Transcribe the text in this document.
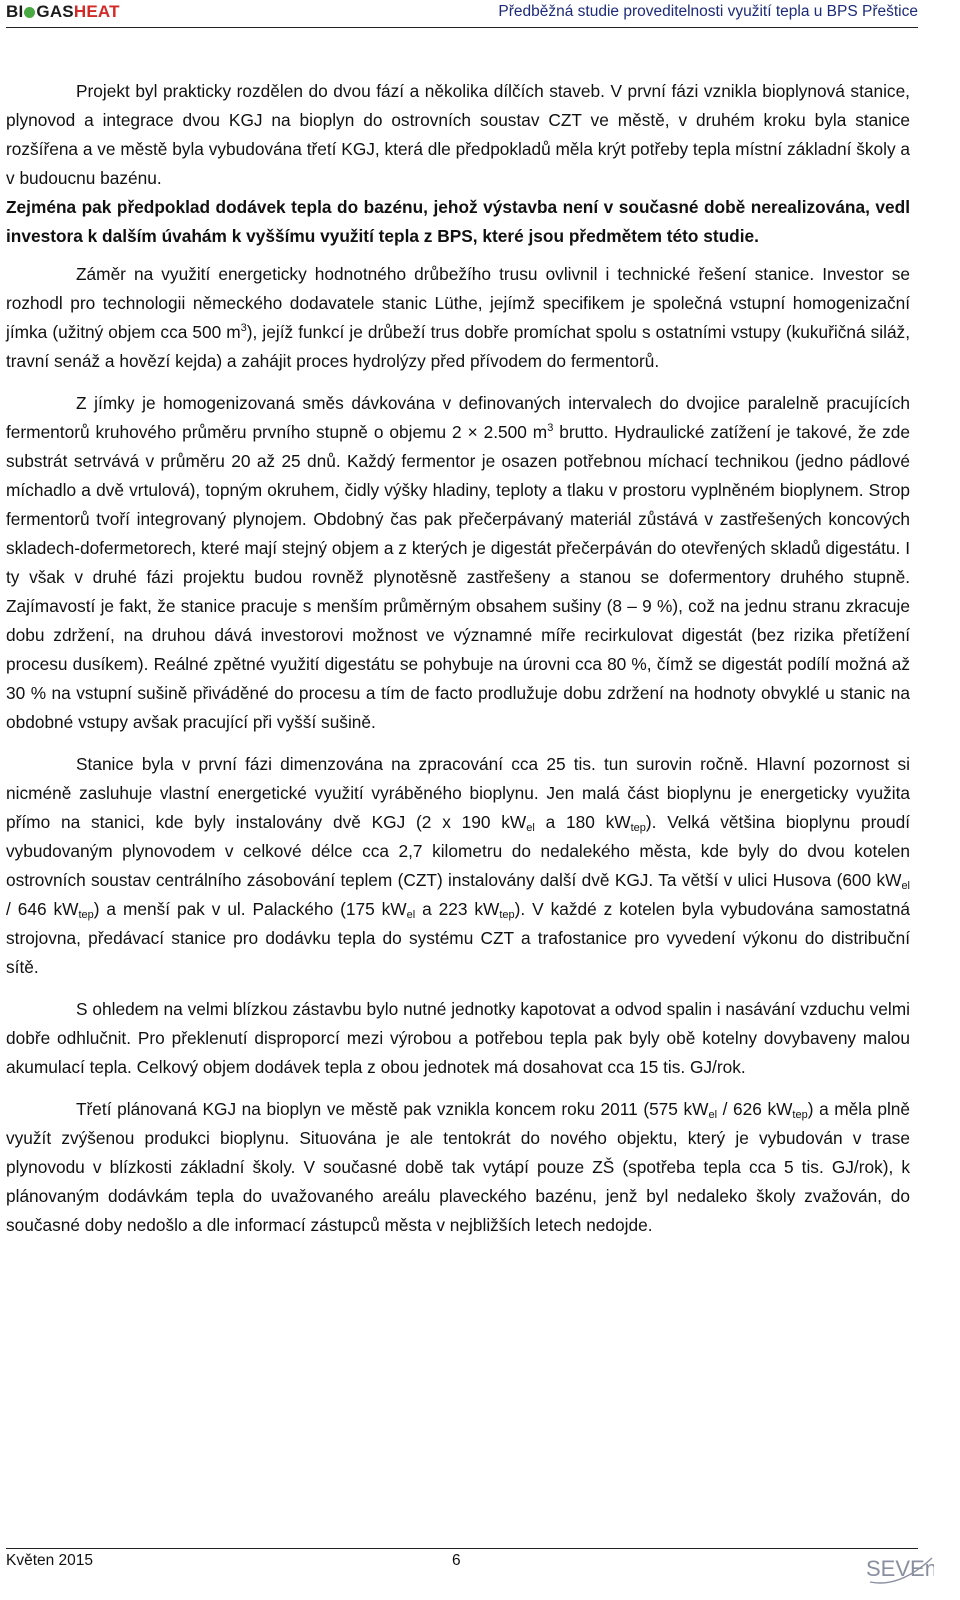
BI GASHEAT	Předběžná studie proveditelnosti využití tepla u BPS Přeštice

Projekt byl prakticky rozdělen do dvou fází a několika dílčích staveb. V první fázi vznikla bioplynová stanice, plynovod a integrace dvou KGJ na bioplyn do ostrovních soustav CZT ve městě, v druhém kroku byla stanice rozšířena a ve městě byla vybudována třetí KGJ, která dle předpokladů měla krýt potřeby tepla místní základní školy a v budoucnu bazénu.

Zejména pak předpoklad dodávek tepla do bazénu, jehož výstavba není v současné době nerealizována, vedl investora k dalším úvahám k vyššímu využití tepla z BPS, které jsou předmětem této studie.

Záměr na využití energeticky hodnotného drůbežího trusu ovlivnil i technické řešení stanice. Investor se rozhodl pro technologii německého dodavatele stanic Lüthe, jejímž specifikem je společná vstupní homogenizační jímka (užitný objem cca 500 $m^3$), jejíž funkcí je drůbeží trus dobře promíchat spolu s ostatními vstupy (kukuřičná siláž, travní senáž a hovězí kejda) a zahájit proces hydrolýzy před přívodem do fermentorů.

Z jímky je homogenizovaná směs dávkována v definovaných intervalech do dvojice paralelně pracujících fermentorů kruhového průměru prvního stupně o objemu 2 × 2.500 $m^3$ brutto. Hydraulické zatížení je takové, že zde substrát setrvává v průměru 20 až 25 dnů. Každý fermentor je osazen potřebnou míchací technikou (jedno pádlové míchadlo a dvě vrtulová), topným okruhem, čidly výšky hladiny, teploty a tlaku v prostoru vyplněném bioplynem. Strop fermentorů tvoří integrovaný plynojem. Obdobný čas pak přečerpávaný materiál zůstává v zastřešených koncových skladech-dofermetorech, které mají stejný objem a z kterých je digestát přečerpáván do otevřených skladů digestátu. I ty však v druhé fázi projektu budou rovněž plynotěsně zastřešeny a stanou se dofermentory druhého stupně. Zajímavostí je fakt, že stanice pracuje s menším průměrným obsahem sušiny (8 – 9 %), což na jednu stranu zkracuje dobu zdržení, na druhou dává investorovi možnost ve významné míře recirkulovat digestát (bez rizika přetížení procesu dusíkem). Reálné zpětné využití digestátu se pohybuje na úrovni cca 80 %, čímž se digestát podílí možná až 30 % na vstupní sušině přiváděné do procesu a tím de facto prodlužuje dobu zdržení na hodnoty obvyklé u stanic na obdobné vstupy avšak pracující při vyšší sušině.

Stanice byla v první fázi dimenzována na zpracování cca 25 tis. tun surovin ročně. Hlavní pozornost si nicméně zasluhuje vlastní energetické využití vyráběného bioplynu. Jen malá část bioplynu je energeticky využita přímo na stanici, kde byly instalovány dvě KGJ (2 x 190 $kW_{el}$ a 180 $kW_{tep}$). Velká většina bioplynu proudí vybudovaným plynovodem v celkové délce cca 2,7 kilometru do nedalekého města, kde byly do dvou kotelen ostrovních soustav centrálního zásobování teplem (CZT) instalovány další dvě KGJ. Ta větší v ulici Husova (600 $kW_{el} / 646$ $kW_{tep}$) a menší pak v ul. Palackého (175 $kW_{el}$ a 223 $kW_{tep}$). V každé z kotelen byla vybudována samostatná strojovna, předávací stanice pro dodávku tepla do systému CZT a trafostanice pro vyvedení výkonu do distribuční sítě.

S ohledem na velmi blízkou zástavbu bylo nutné jednotky kapotovat a odvod spalin i nasávání vzduchu velmi dobře odhlučnit. Pro překlenutí disproporcí mezi výrobou a potřebou tepla pak byly obě kotelny dovybaveny malou akumulací tepla. Celkový objem dodávek tepla z obou jednotek má dosahovat cca 15 tis. GJ/rok.

Třetí plánovaná KGJ na bioplyn ve městě pak vznikla koncem roku 2011 (575 $kW_{el} / 626$ $kW_{tep}$) a měla plně využít zvýšenou produkci bioplynu. Situována je ale tentokrát do nového objektu, který je vybudován v trase plynovodu v blízkosti základní školy. V současné době tak vytápí pouze ZŠ (spotřeba tepla cca 5 tis. GJ/rok), k plánovaným dodávkám tepla do uvažovaného areálu plaveckého bazénu, jenž byl nedaleko školy zvažován, do současné doby nedošlo a dle informací zástupců města v nejbližších letech nedojde.

Květen 2015	6	SEVEn
